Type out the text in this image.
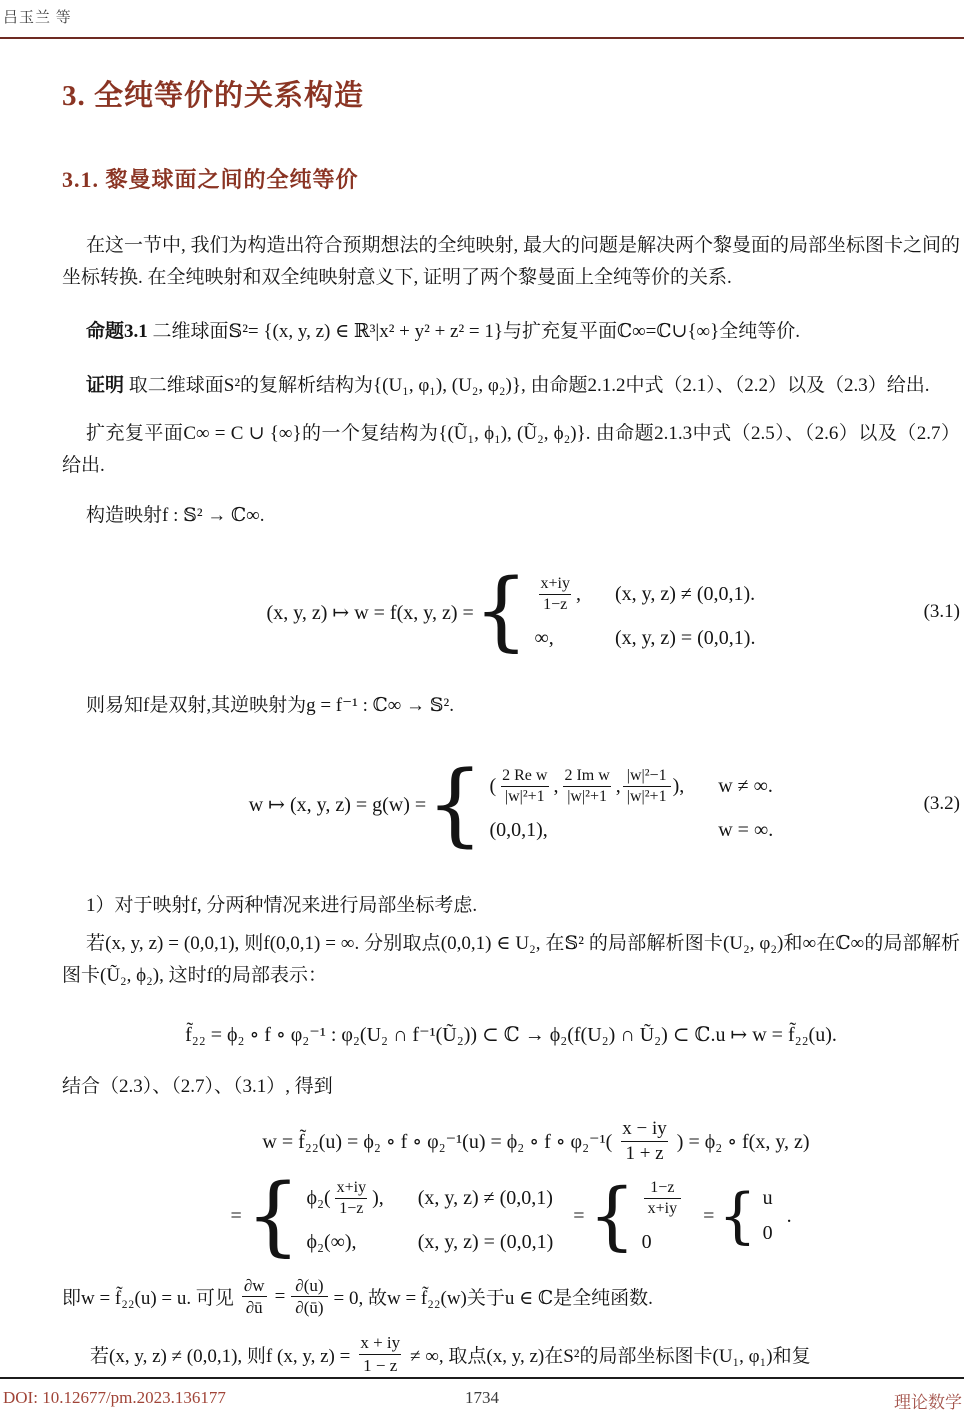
吕玉兰 等
3. 全纯等价的关系构造
3.1. 黎曼球面之间的全纯等价

在这一节中, 我们为构造出符合预期想法的全纯映射, 最大的问题是解决两个黎曼面的局部坐标图卡之间的坐标转换. 在全纯映射和双全纯映射意义下, 证明了两个黎曼面上全纯等价的关系.

命题3.1 二维球面𝕊²= {(x, y, z) ∈ ℝ³|x² + y² + z² = 1}与扩充复平面ℂ∞=ℂ∪{∞}全纯等价.

证明 取二维球面S²的复解析结构为{(U₁, φ₁), (U₂, φ₂)}, 由命题2.1.2中式（2.1）、（2.2）以及（2.3）给出.

扩充复平面C∞ = C ∪ {∞}的一个复结构为{(Ũ₁, ϕ₁), (Ũ₂, ϕ₂)}. 由命题2.1.3中式（2.5）、（2.6）以及（2.7）给出.

构造映射f : 𝕊² → ℂ∞.

(x, y, z) ↦ w = f(x, y, z) = { $\frac{x+iy}{1-z}$ , (x, y, z) ≠ (0,0,1).
∞,	(x, y, z) = (0,0,1).
(3.1)

则易知f是双射,其逆映射为g = f⁻¹ : ℂ∞ → 𝕊².

w ↦ (x, y, z) = g(w) = { ( $\frac{\text{2 Re w}}{\text{|w|²+1}}$ , $\frac{\text{2 Im w}}{\text{|w|²+1}}$ , $\frac{\text{|w|²−1}}{\text{|w|²+1}}$ ), w ≠ ∞.
(0,0,1),	w = ∞.
(3.2)

1）对于映射f, 分两种情况来进行局部坐标考虑.

若(x, y, z) = (0,0,1), 则f(0,0,1) = ∞. 分别取点(0,0,1) ∈ U₂, 在𝕊² 的局部解析图卡(U₂, φ₂)和∞在ℂ∞的局部解析图卡(Ũ₂, ϕ₂), 这时f的局部表示：

f̃₂₂ = ϕ₂ ∘ f ∘ φ₂⁻¹ : φ₂(U₂ ∩ f⁻¹(Ũ₂)) ⊂ ℂ → ϕ₂(f(U₂) ∩ Ũ₂) ⊂ ℂ.u ↦ w = f̃₂₂(u).

结合（2.3）、（2.7）、（3.1）, 得到

w = f̃₂₂(u) = ϕ₂ ∘ f ∘ φ₂⁻¹(u) = ϕ₂ ∘ f ∘ $\varphi_2^{-1}( \frac{x - iy}{1 + z}$ ) = ϕ₂ ∘ f(x, y, z)
= { $\phi_2( \frac{x+iy}{1-z}$ ), (x, y, z) ≠ (0,0,1)
ϕ₂(∞),	(x, y, z) = (0,0,1)
= { $\frac{1-z}{x+iy}$
0
= { u
0
.

即w = f̃₂₂(u) = u. 可见 $\frac{\partial w}{\partial ū} = \frac{\partial(u)}{\partial(ū)} = 0$, 故w = f̃₂₂(w)关于u ∈ ℂ是全纯函数.

若(x, y, z) ≠ (0,0,1), 则f (x, y, $z) = \frac{x + iy}{1 - z}$ ≠ ∞, 取点(x, y, z)在S²的局部坐标图卡(U₁, φ₁)和复

DOI: 10.12677/pm.2023.136177	1734	理论数学
